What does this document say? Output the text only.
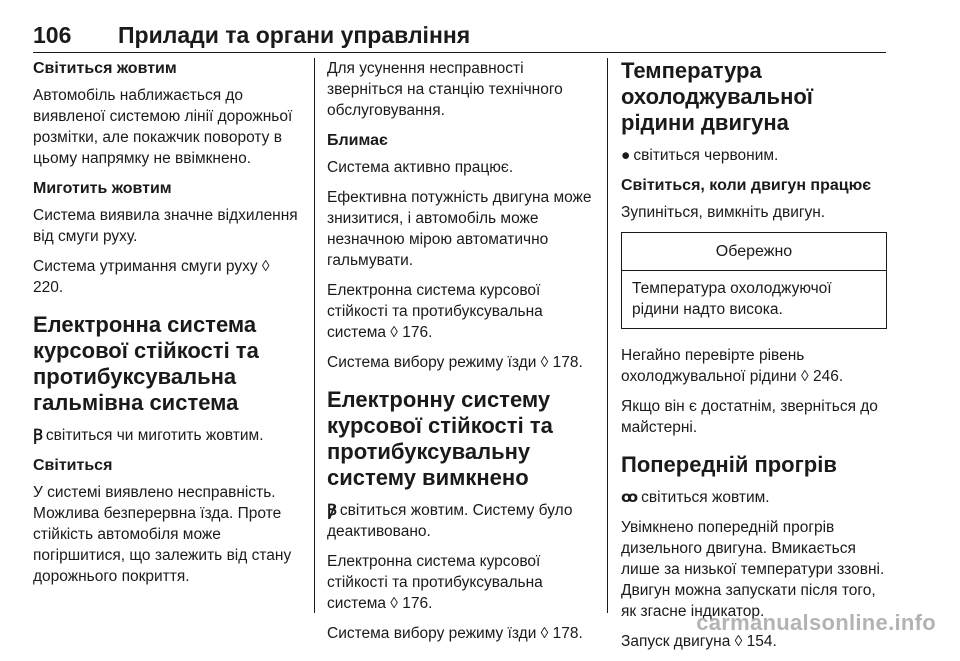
106 Прилади та органи управління
Світиться жовтим

Автомобіль наближається до виявленої системою лінії дорожньої розмітки, але покажчик повороту в цьому напрямку не ввімкнено.

Миготить жовтим

Система виявила значне відхилення від смуги руху.

Система утримання смуги руху ◊ 220.

Електронна система курсової стійкості та протибуксувальна гальмівна система

Ꞵ світиться чи миготить жовтим.

Світиться

У системі виявлено несправність. Можлива безперервна їзда. Проте стійкість автомобіля може погіршитися, що залежить від стану дорожнього покриття.

Для усунення несправності зверніться на станцію технічного обслуговування.

Блимає

Система активно працює.

Ефективна потужність двигуна може знизитися, і автомобіль може незначною мірою автоматично гальмувати.

Електронна система курсової стійкості та протибуксувальна система ◊ 176.

Система вибору режиму їзди ◊ 178.

Електронну систему курсової стійкості та протибуксувальну систему вимкнено

Ꞵ̸ світиться жовтим. Систему було деактивовано.

Електронна система курсової стійкості та протибуксувальна система ◊ 176.

Система вибору режиму їзди ◊ 178.

Температура охолоджувальної рідини двигуна

● світиться червоним.

Світиться, коли двигун працює

Зупиніться, вимкніть двигун.

Обережно
Температура охолоджуючої рідини надто висока.

Негайно перевірте рівень охолоджувальної рідини ◊ 246.

Якщо він є достатнім, зверніться до майстерні.

Попередній прогрів

ꝏ світиться жовтим.

Увімкнено попередній прогрів дизельного двигуна. Вмикається лише за низької температури ззовні. Двигун можна запускати після того, як згасне індикатор.

Запуск двигуна ◊ 154.

carmanualsonline.info
